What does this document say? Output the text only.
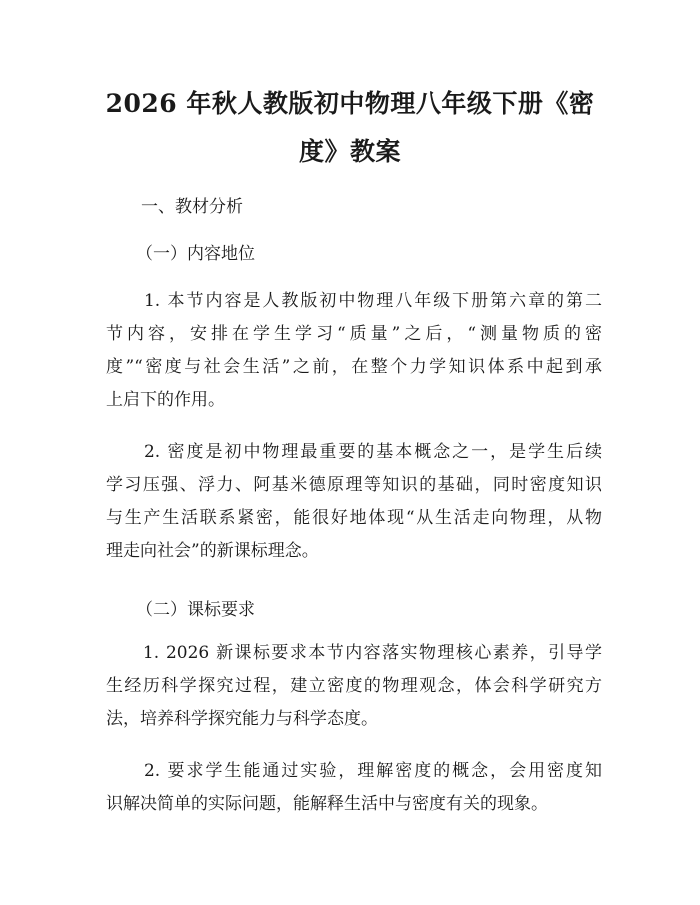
2026 年秋人教版初中物理八年级下册《密
度》教案
一、教材分析
（一）内容地位
　　1. 本节内容是人教版初中物理八年级下册第六章的第二
节内容，安排在学生学习“质量”之后，“测量物质的密
度”“密度与社会生活”之前，在整个力学知识体系中起到承
上启下的作用。
　　2. 密度是初中物理最重要的基本概念之一，是学生后续
学习压强、浮力、阿基米德原理等知识的基础，同时密度知识
与生产生活联系紧密，能很好地体现“从生活走向物理，从物
理走向社会”的新课标理念。
（二）课标要求
　　1. 2026 新课标要求本节内容落实物理核心素养，引导学
生经历科学探究过程，建立密度的物理观念，体会科学研究方
法，培养科学探究能力与科学态度。
　　2. 要求学生能通过实验，理解密度的概念，会用密度知
识解决简单的实际问题，能解释生活中与密度有关的现象。
